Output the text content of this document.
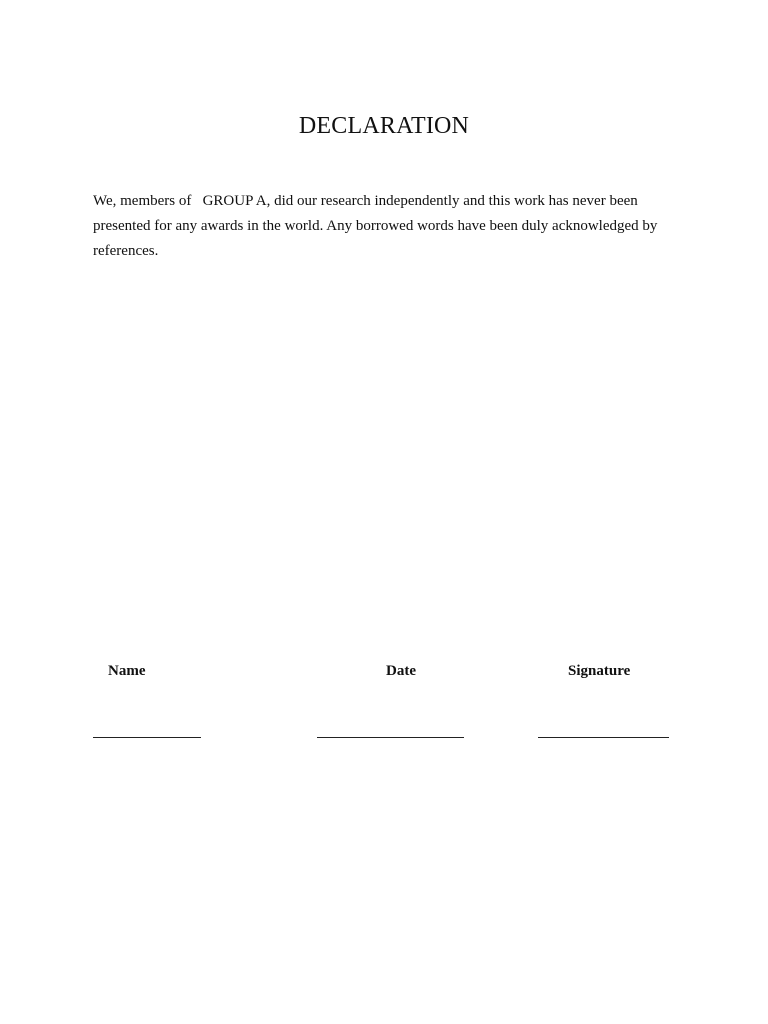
DECLARATION
We, members of   GROUP A, did our research independently and this work has never been presented for any awards in the world. Any borrowed words have been duly acknowledged by references.
Name	Date	Signature
